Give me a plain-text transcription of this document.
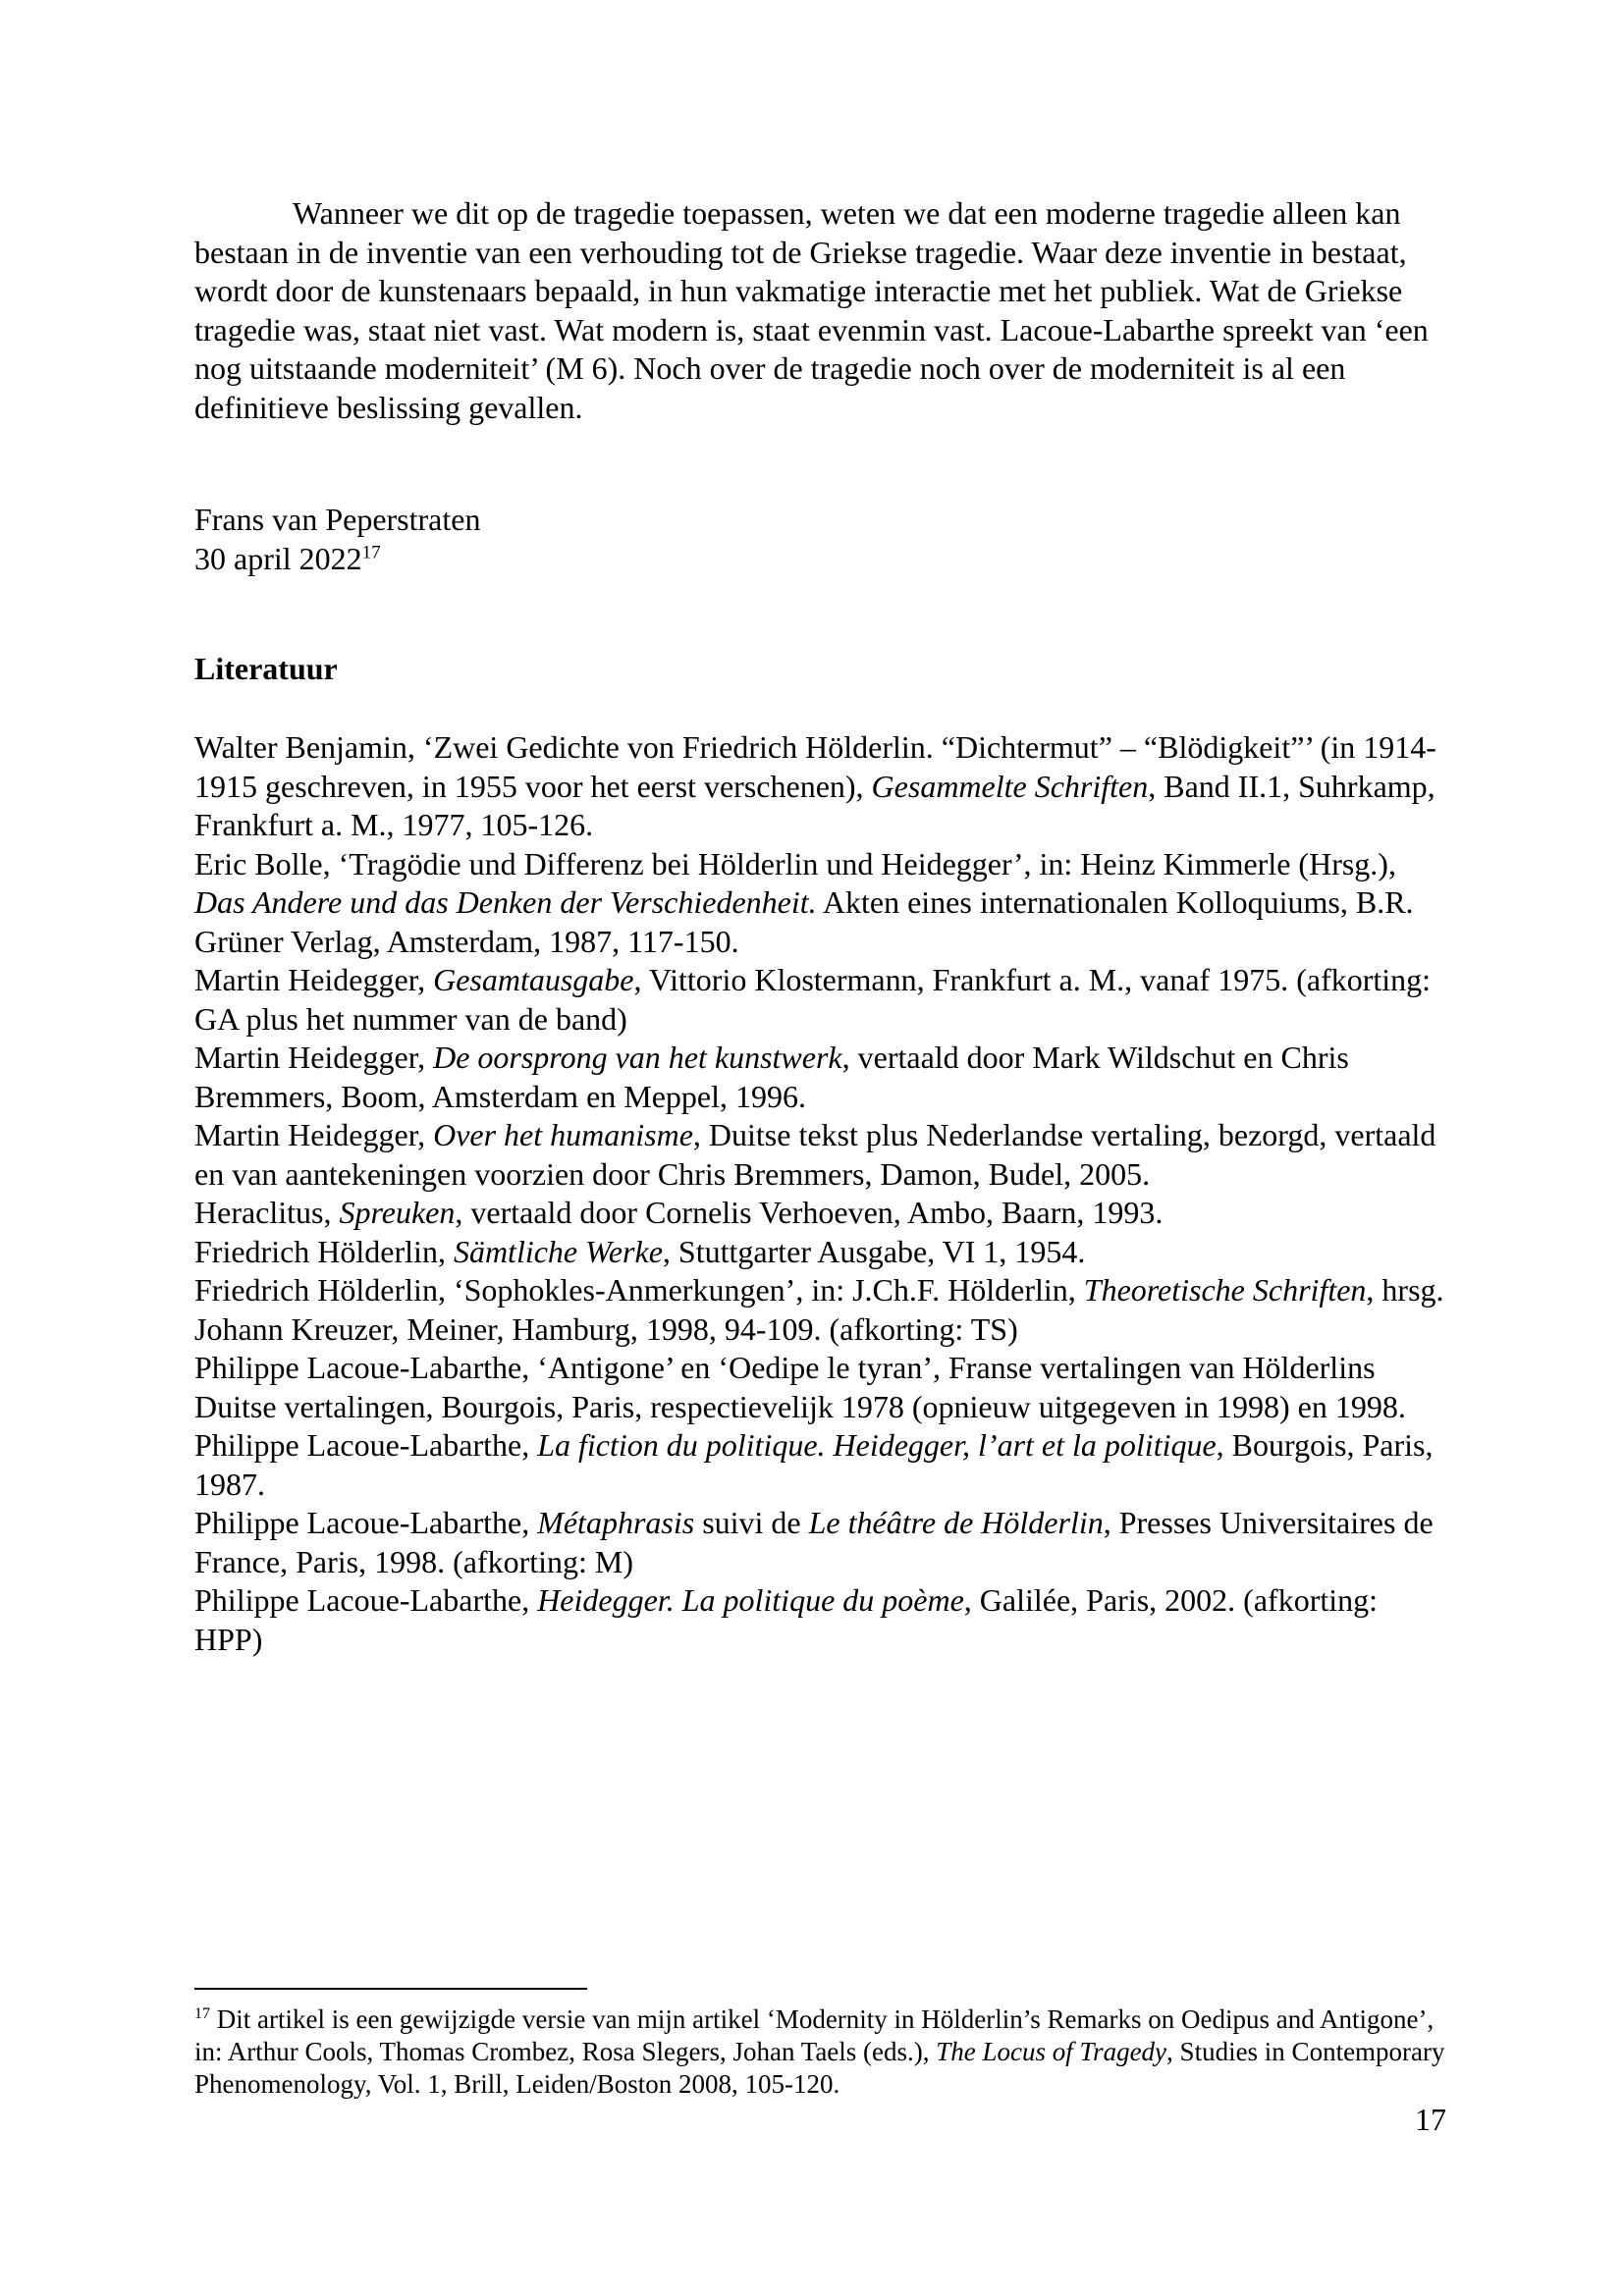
Wanneer we dit op de tragedie toepassen, weten we dat een moderne tragedie alleen kan bestaan in de inventie van een verhouding tot de Griekse tragedie. Waar deze inventie in bestaat, wordt door de kunstenaars bepaald, in hun vakmatige interactie met het publiek. Wat de Griekse tragedie was, staat niet vast. Wat modern is, staat evenmin vast. Lacoue-Labarthe spreekt van ‘een nog uitstaande moderniteit’ (M 6). Noch over de tragedie noch over de moderniteit is al een definitieve beslissing gevallen.

Frans van Peperstraten
30 april 2022$^{17}$
Literatuur

Walter Benjamin, ‘Zwei Gedichte von Friedrich Hölderlin. “Dichtermut” – “Blödigkeit”’ (in 1914-1915 geschreven, in 1955 voor het eerst verschenen), Gesammelte Schriften, Band II.1, Suhrkamp, Frankfurt a. M., 1977, 105-126.

Eric Bolle, ‘Tragödie und Differenz bei Hölderlin und Heidegger’, in: Heinz Kimmerle (Hrsg.), Das Andere und das Denken der Verschiedenheit. Akten eines internationalen Kolloquiums, B.R. Grüner Verlag, Amsterdam, 1987, 117-150.

Martin Heidegger, Gesamtausgabe, Vittorio Klostermann, Frankfurt a. M., vanaf 1975. (afkorting: GA plus het nummer van de band)

Martin Heidegger, De oorsprong van het kunstwerk, vertaald door Mark Wildschut en Chris Bremmers, Boom, Amsterdam en Meppel, 1996.

Martin Heidegger, Over het humanisme, Duitse tekst plus Nederlandse vertaling, bezorgd, vertaald en van aantekeningen voorzien door Chris Bremmers, Damon, Budel, 2005.

Heraclitus, Spreuken, vertaald door Cornelis Verhoeven, Ambo, Baarn, 1993.

Friedrich Hölderlin, Sämtliche Werke, Stuttgarter Ausgabe, VI 1, 1954.

Friedrich Hölderlin, ‘Sophokles-Anmerkungen’, in: J.Ch.F. Hölderlin, Theoretische Schriften, hrsg. Johann Kreuzer, Meiner, Hamburg, 1998, 94-109. (afkorting: TS)

Philippe Lacoue-Labarthe, ‘Antigone’ en ‘Oedipe le tyran’, Franse vertalingen van Hölderlins Duitse vertalingen, Bourgois, Paris, respectievelijk 1978 (opnieuw uitgegeven in 1998) en 1998.

Philippe Lacoue-Labarthe, La fiction du politique. Heidegger, l’art et la politique, Bourgois, Paris, 1987.

Philippe Lacoue-Labarthe, Métaphrasis suivi de Le théâtre de Hölderlin, Presses Universitaires de France, Paris, 1998. (afkorting: M)

Philippe Lacoue-Labarthe, Heidegger. La politique du poème, Galilée, Paris, 2002. (afkorting: HPP)

$^{17}$ Dit artikel is een gewijzigde versie van mijn artikel ‘Modernity in Hölderlin’s Remarks on Oedipus and Antigone’, in: Arthur Cools, Thomas Crombez, Rosa Slegers, Johan Taels (eds.), The Locus of Tragedy, Studies in Contemporary Phenomenology, Vol. 1, Brill, Leiden/Boston 2008, 105-120.

17
